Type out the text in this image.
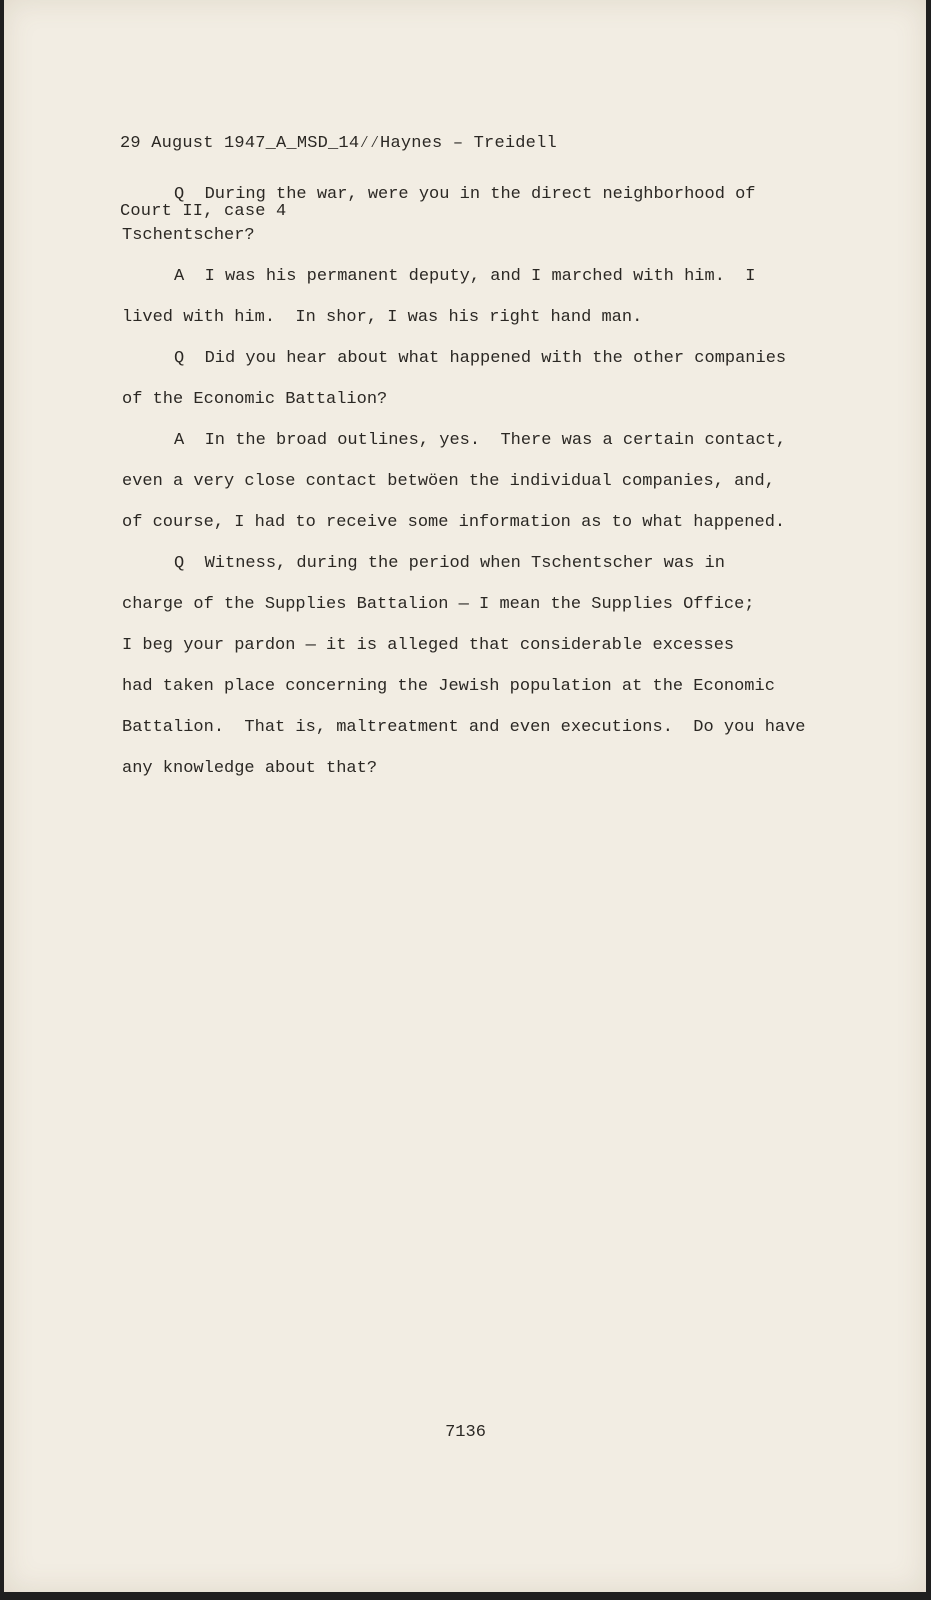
29 August 1947_A_MSD_14⁄⁄Haynes – Treidell

Court II, case 4

Q  During the war, were you in the direct neighborhood of
Tschentscher?
A  I was his permanent deputy, and I marched with him.  I
lived with him.  In shor, I was his right hand man.
Q  Did you hear about what happened with the other companies
of the Economic Battalion?
A  In the broad outlines, yes.  There was a certain contact,
even a very close contact betwöen the individual companies, and,
of course, I had to receive some information as to what happened.
Q  Witness, during the period when Tschentscher was in
charge of the Supplies Battalion — I mean the Supplies Office;
I beg your pardon — it is alleged that considerable excesses
had taken place concerning the Jewish population at the Economic
Battalion.  That is, maltreatment and even executions.  Do you have
any knowledge about that?
7136
